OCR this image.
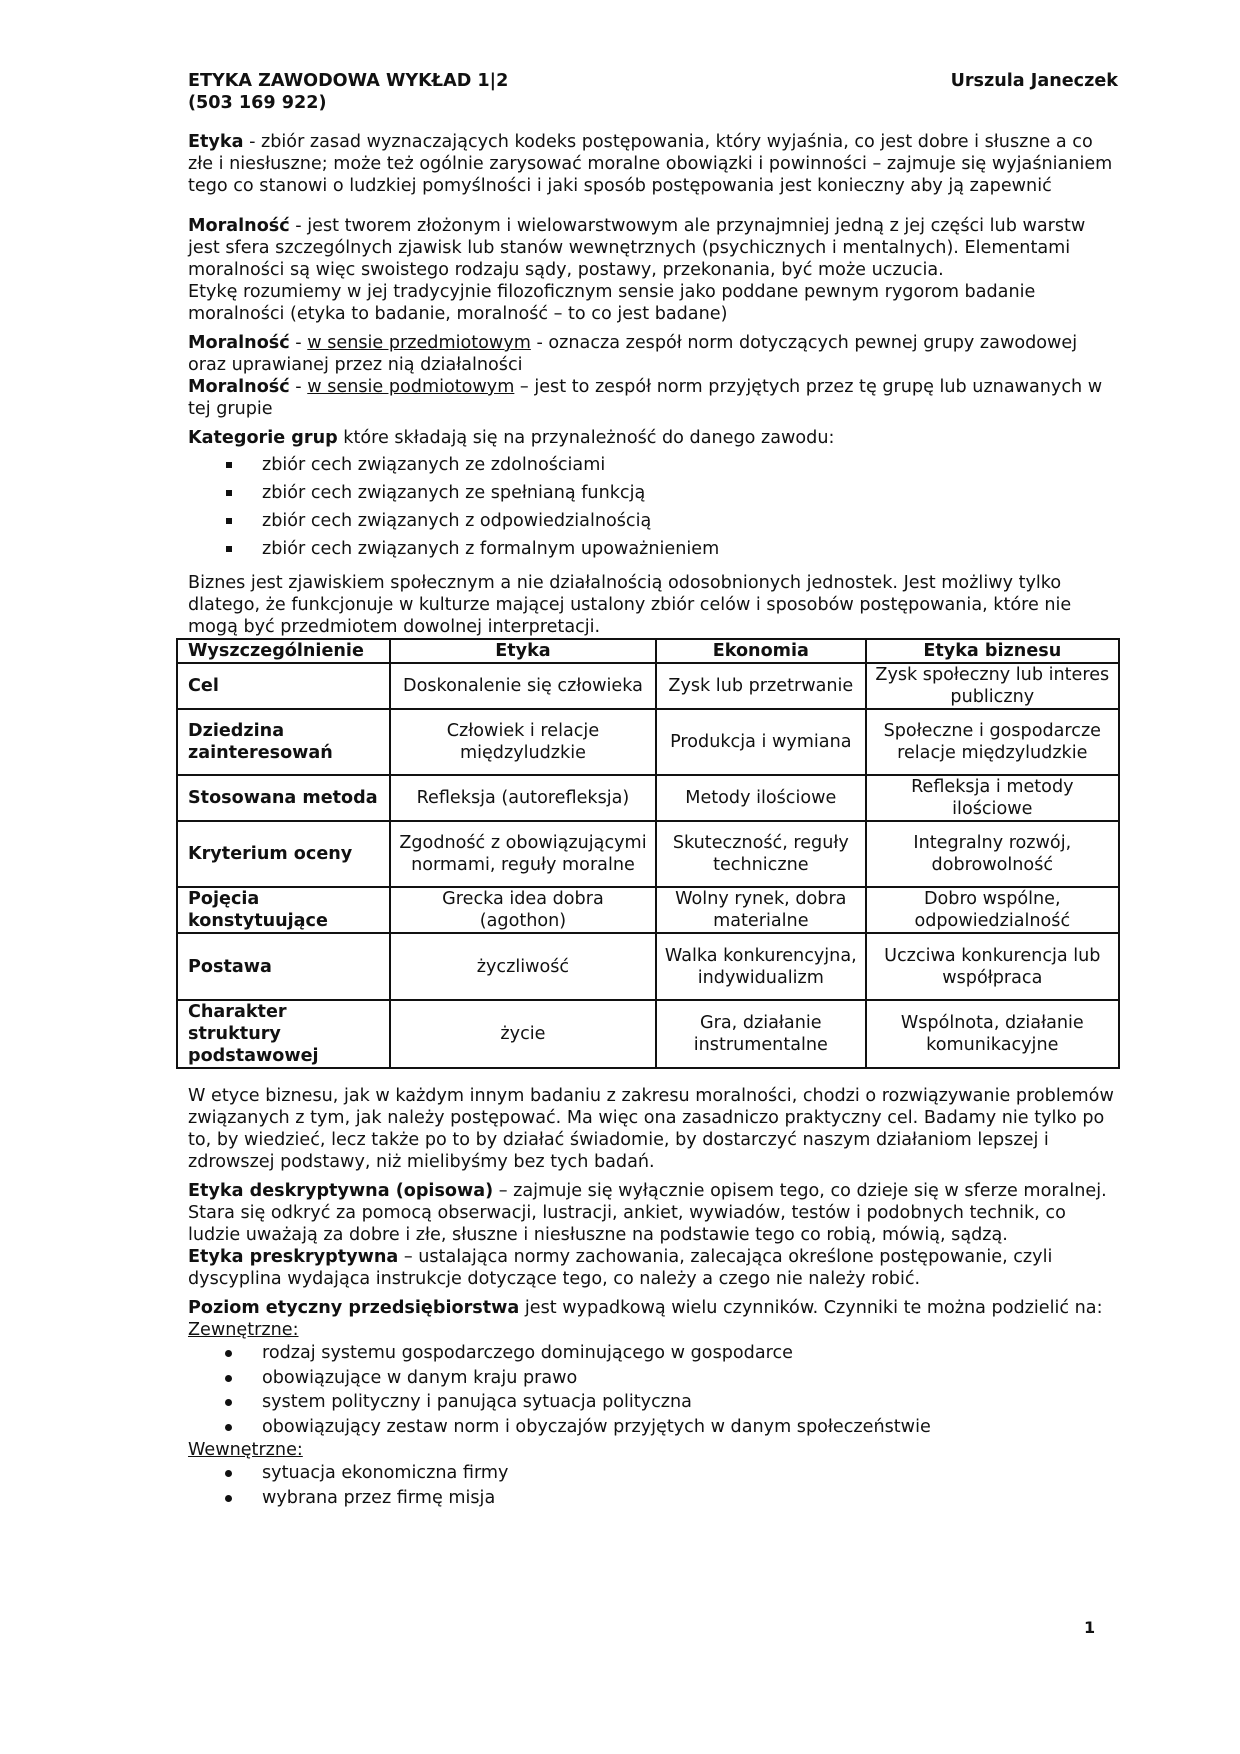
ETYKA ZAWODOWA WYKŁAD 1|2	Urszula Janeczek
(503 169 922)

Etyka - zbiór zasad wyznaczających kodeks postępowania, który wyjaśnia, co jest dobre i słuszne a co złe i niesłuszne; może też ogólnie zarysować moralne obowiązki i powinności – zajmuje się wyjaśnianiem tego co stanowi o ludzkiej pomyślności i jaki sposób postępowania jest konieczny aby ją zapewnić

Moralność - jest tworem złożonym i wielowarstwowym ale przynajmniej jedną z jej części lub warstw jest sfera szczególnych zjawisk lub stanów wewnętrznych (psychicznych i mentalnych). Elementami moralności są więc swoistego rodzaju sądy, postawy, przekonania, być może uczucia.

Etykę rozumiemy w jej tradycyjnie filozoficznym sensie jako poddane pewnym rygorom badanie moralności (etyka to badanie, moralność – to co jest badane)

Moralność - w sensie przedmiotowym - oznacza zespół norm dotyczących pewnej grupy zawodowej oraz uprawianej przez nią działalności

Moralność - w sensie podmiotowym – jest to zespół norm przyjętych przez tę grupę lub uznawanych w tej grupie

Kategorie grup które składają się na przynależność do danego zawodu:

zbiór cech związanych ze zdolnościami
zbiór cech związanych ze spełnianą funkcją
zbiór cech związanych z odpowiedzialnością
zbiór cech związanych z formalnym upoważnieniem

Biznes jest zjawiskiem społecznym a nie działalnością odosobnionych jednostek. Jest możliwy tylko dlatego, że funkcjonuje w kulturze mającej ustalony zbiór celów i sposobów postępowania, które nie mogą być przedmiotem dowolnej interpretacji.

Wyszczególnienie	Etyka	Ekonomia	Etyka biznesu
Cel	Doskonalenie się człowieka	Zysk lub przetrwanie	Zysk społeczny lub interes publiczny
Dziedzina zainteresowań	Człowiek i relacje międzyludzkie	Produkcja i wymiana	Społeczne i gospodarcze relacje międzyludzkie
Stosowana metoda	Refleksja (autorefleksja)	Metody ilościowe	Refleksja i metody ilościowe
Kryterium oceny	Zgodność z obowiązującymi normami, reguły moralne	Skuteczność, reguły techniczne	Integralny rozwój, dobrowolność
Pojęcia konstytuujące	Grecka idea dobra (agothon)	Wolny rynek, dobra materialne	Dobro wspólne, odpowiedzialność
Postawa	życzliwość	Walka konkurencyjna, indywidualizm	Uczciwa konkurencja lub współpraca
Charakter struktury podstawowej	życie	Gra, działanie instrumentalne	Wspólnota, działanie komunikacyjne

W etyce biznesu, jak w każdym innym badaniu z zakresu moralności, chodzi o rozwiązywanie problemów związanych z tym, jak należy postępować. Ma więc ona zasadniczo praktyczny cel. Badamy nie tylko po to, by wiedzieć, lecz także po to by działać świadomie, by dostarczyć naszym działaniom lepszej i zdrowszej podstawy, niż mielibyśmy bez tych badań.

Etyka deskryptywna (opisowa) – zajmuje się wyłącznie opisem tego, co dzieje się w sferze moralnej. Stara się odkryć za pomocą obserwacji, lustracji, ankiet, wywiadów, testów i podobnych technik, co ludzie uważają za dobre i złe, słuszne i niesłuszne na podstawie tego co robią, mówią, sądzą.

Etyka preskryptywna – ustalająca normy zachowania, zalecająca określone postępowanie, czyli dyscyplina wydająca instrukcje dotyczące tego, co należy a czego nie należy robić.

Poziom etyczny przedsiębiorstwa jest wypadkową wielu czynników. Czynniki te można podzielić na:

Zewnętrzne:
rodzaj systemu gospodarczego dominującego w gospodarce
obowiązujące w danym kraju prawo
system polityczny i panująca sytuacja polityczna
obowiązujący zestaw norm i obyczajów przyjętych w danym społeczeństwie
Wewnętrzne:
sytuacja ekonomiczna firmy
wybrana przez firmę misja
1
